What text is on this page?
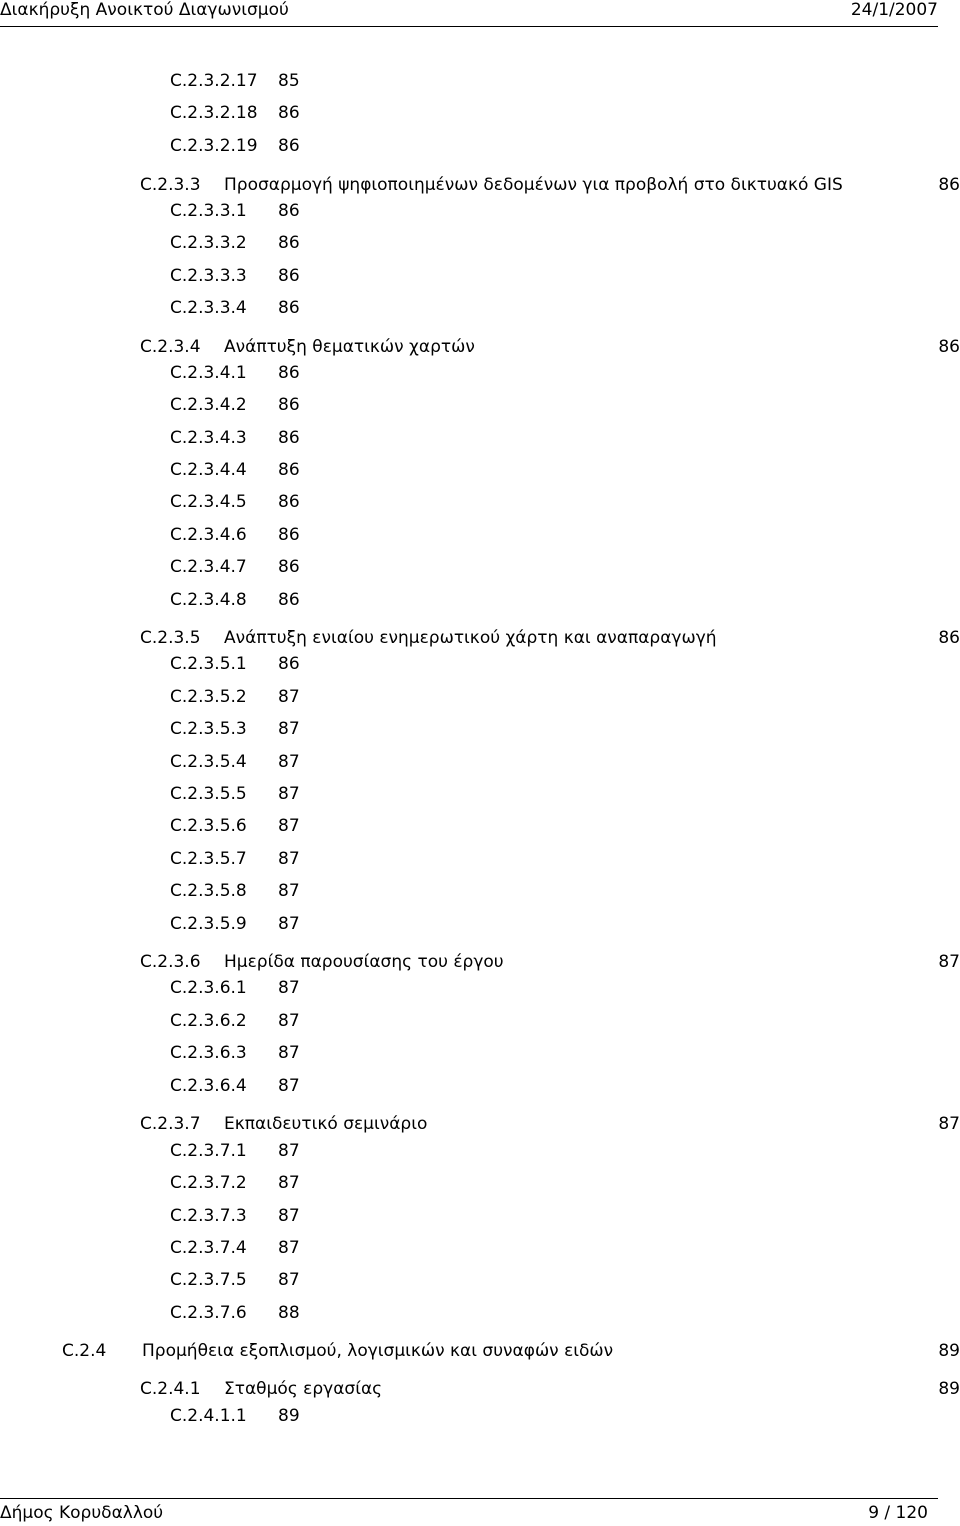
Διακήρυξη Ανοικτού Διαγωνισμού	24/1/2007
C.2.3.2.17 85
C.2.3.2.18 86
C.2.3.2.19 86
C.2.3.3 Προσαρμογή ψηφιοποιημένων δεδομένων για προβολή στο δικτυακό GIS	86
C.2.3.3.1 86
C.2.3.3.2 86
C.2.3.3.3 86
C.2.3.3.4 86
C.2.3.4 Ανάπτυξη θεματικών χαρτών	86
C.2.3.4.1 86
C.2.3.4.2 86
C.2.3.4.3 86
C.2.3.4.4 86
C.2.3.4.5 86
C.2.3.4.6 86
C.2.3.4.7 86
C.2.3.4.8 86
C.2.3.5 Ανάπτυξη ενιαίου ενημερωτικού χάρτη και αναπαραγωγή	86
C.2.3.5.1 86
C.2.3.5.2 87
C.2.3.5.3 87
C.2.3.5.4 87
C.2.3.5.5 87
C.2.3.5.6 87
C.2.3.5.7 87
C.2.3.5.8 87
C.2.3.5.9 87
C.2.3.6 Ημερίδα παρουσίασης του έργου	87
C.2.3.6.1 87
C.2.3.6.2 87
C.2.3.6.3 87
C.2.3.6.4 87
C.2.3.7 Εκπαιδευτικό σεμινάριο	87
C.2.3.7.1 87
C.2.3.7.2 87
C.2.3.7.3 87
C.2.3.7.4 87
C.2.3.7.5 87
C.2.3.7.6 88
C.2.4 Προμήθεια εξοπλισμού, λογισμικών και συναφών ειδών	89
C.2.4.1 Σταθμός εργασίας	89
C.2.4.1.1 89
Δήμος Κορυδαλλού	9 / 120
